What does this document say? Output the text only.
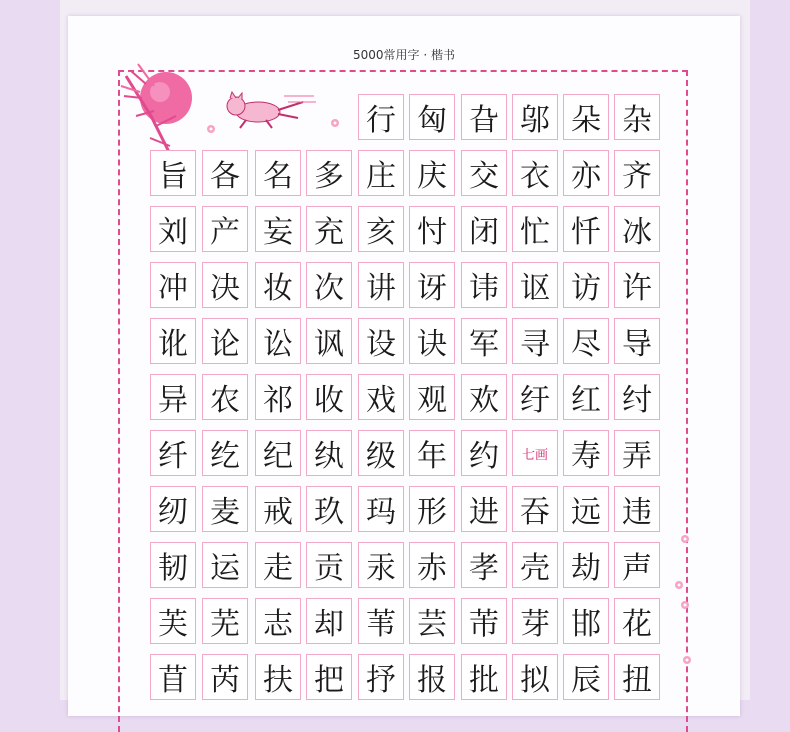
5000常用字 · 楷书
行 匈 旮 邬 朵 杂
旨 各 名 多 庄 庆 交 衣 亦 齐
刘 产 妄 充 亥 忖 闭 忙 忏 冰
冲 决 妆 次 讲 讶 讳 讴 访 许
讹 论 讼 讽 设 诀 军 寻 尽 导
异 农 祁 收 戏 观 欢 纡 红 纣
纤 纥 纪 纨 级 年 约	七画 寿 弄
纫 麦 戒 玖 玛 形 进 吞 远 违
韧 运 走 贡 汞 赤 孝 壳 劫 声
芙 芜 志 却 苇 芸 芾 芽 邯 花
苜 芮 扶 把 抒 报 批 拟 辰 扭
